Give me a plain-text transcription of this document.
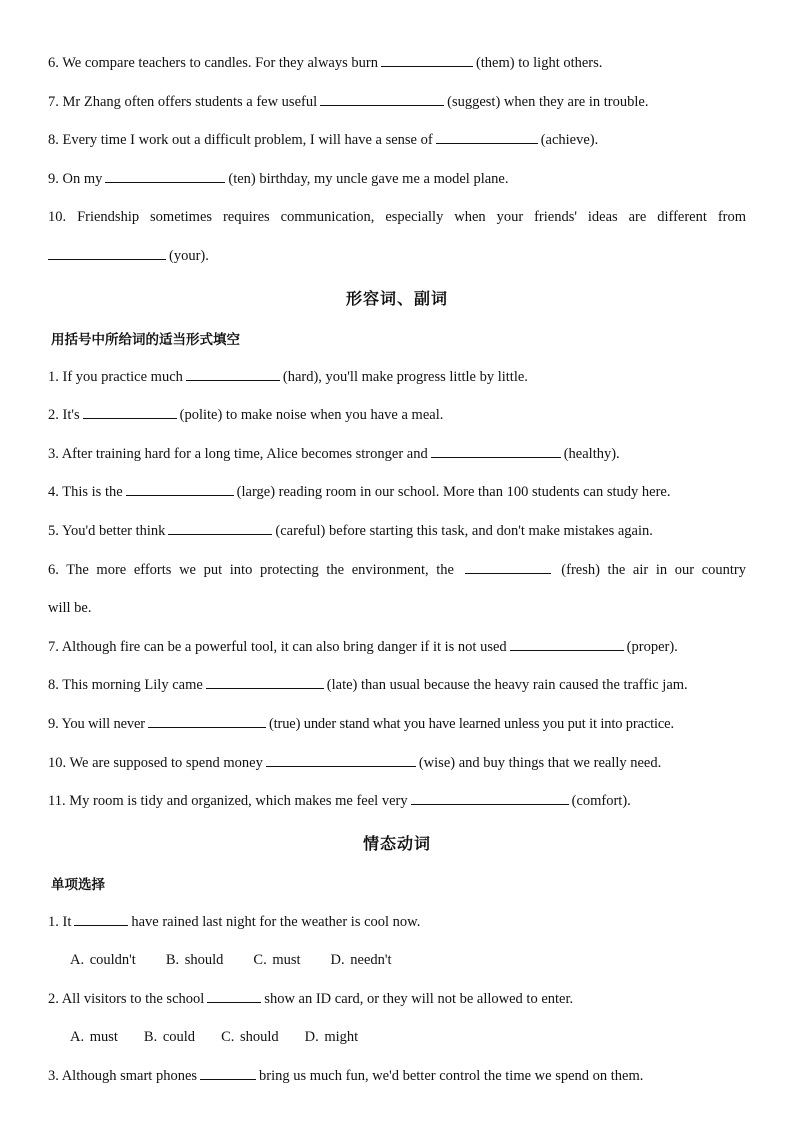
6. We compare teachers to candles. For they always burn	(them) to light others.
7. Mr Zhang often offers students a few useful	(suggest) when they are in trouble.
8. Every time I work out a difficult problem, I will have a sense of	(achieve).
9. On my	(ten) birthday, my uncle gave me a model plane.
10. Friendship sometimes requires communication, especially when your friends' ideas are different from
(your).
形容词、副词
用括号中所给词的适当形式填空
1. If you practice much	(hard), you'll make progress little by little.
2. It's	(polite) to make noise when you have a meal.
3. After training hard for a long time, Alice becomes stronger and	(healthy).
4. This is the	(large) reading room in our school. More than 100 students can study here.
5. You'd better think	(careful) before starting this task, and don't make mistakes again.
6. The more efforts we put into protecting the environment, the	(fresh) the air in our country
will be.
7. Although fire can be a powerful tool, it can also bring danger if it is not used	(proper).
8. This morning Lily came	(late) than usual because the heavy rain caused the traffic jam.
9. You will never	(true) under stand what you have learned unless you put it into practice.
10. We are supposed to spend money	(wise) and buy things that we really need.
11. My room is tidy and organized, which makes me feel very	(comfort).
情态动词
单项选择
1. It	have rained last night for the weather is cool now.
A. couldn't B. should C. must D. needn't
2. All visitors to the school	show an ID card, or they will not be allowed to enter.
A. must B. could C. should D. might
3. Although smart phones	bring us much fun, we'd better control the time we spend on them.
